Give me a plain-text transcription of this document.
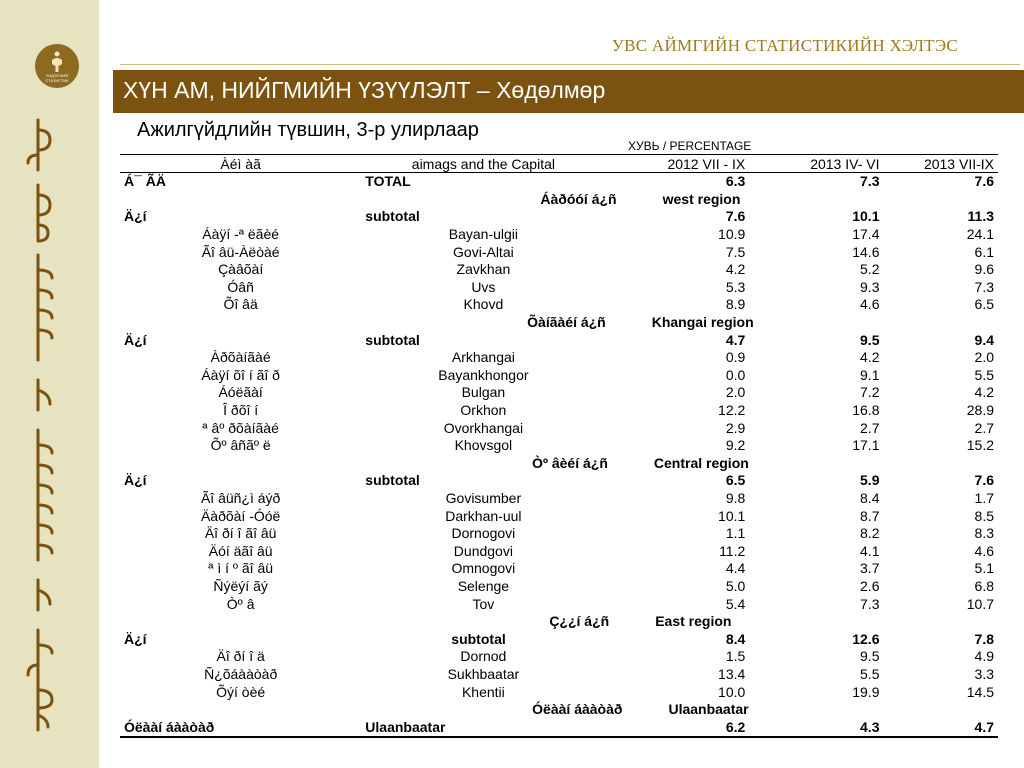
ҮНДЭСНИЙ СТАТИСТИК
УВС АЙМГИЙН СТАТИСТИКИЙН ХЭЛТЭС
ХҮН АМ, НИЙГМИЙН ҮЗҮҮЛЭЛТ – Хөдөлмөр
Ажилгүйдлийн түвшин, 3-р улирлаар
ХУВЬ / PERCENTAGE
Àéì àã	aimags and the Capital	2012 VII - IX	2013 IV- VI	2013 VII-IX
Á¯ ÃÄ	TOTAL	6.3	7.3	7.6
	Áàðóóí á¿ñ west region			
Ä¿í	subtotal	7.6	10.1	11.3
Áàÿí -ª ëãèé	Bayan-ulgii	10.9	17.4	24.1
Ãî âü-Àëòàé	Govi-Altai	7.5	14.6	6.1
Çàâõàí	Zavkhan	4.2	5.2	9.6
Óâñ	Uvs	5.3	9.3	7.3
Õî âä	Khovd	8.9	4.6	6.5
	Õàíãàéí á¿ñ Khangai region			
Ä¿í	subtotal	4.7	9.5	9.4
Àðõàíãàé	Arkhangai	0.9	4.2	2.0
Áàÿí õî í ãî ð	Bayankhongor	0.0	9.1	5.5
Áóëãàí	Bulgan	2.0	7.2	4.2
Î ðõî í	Orkhon	12.2	16.8	28.9
ª âº ðõàíãàé	Ovorkhangai	2.9	2.7	2.7
Õº âñãº ë	Khovsgol	9.2	17.1	15.2
	Òº âèéí á¿ñ Central region			
Ä¿í	subtotal	6.5	5.9	7.6
Ãî âüñ¿ì áýð	Govisumber	9.8	8.4	1.7
Äàðõàí -Óóë	Darkhan-uul	10.1	8.7	8.5
Äî ðí î ãî âü	Dornogovi	1.1	8.2	8.3
Äóí äãî âü	Dundgovi	11.2	4.1	4.6
ª ì í º ãî âü	Omnogovi	4.4	3.7	5.1
Ñýëýí ãý	Selenge	5.0	2.6	6.8
Òº â	Tov	5.4	7.3	10.7
	Ç¿¿í á¿ñ East region			
Ä¿í	subtotal	8.4	12.6	7.8
Äî ðí î ä	Dornod	1.5	9.5	4.9
Ñ¿õáààòàð	Sukhbaatar	13.4	5.5	3.3
Õýí òèé	Khentii	10.0	19.9	14.5
	Óëààí áààòàð Ulaanbaatar			
Óëààí áààòàð	Ulaanbaatar	6.2	4.3	4.7
